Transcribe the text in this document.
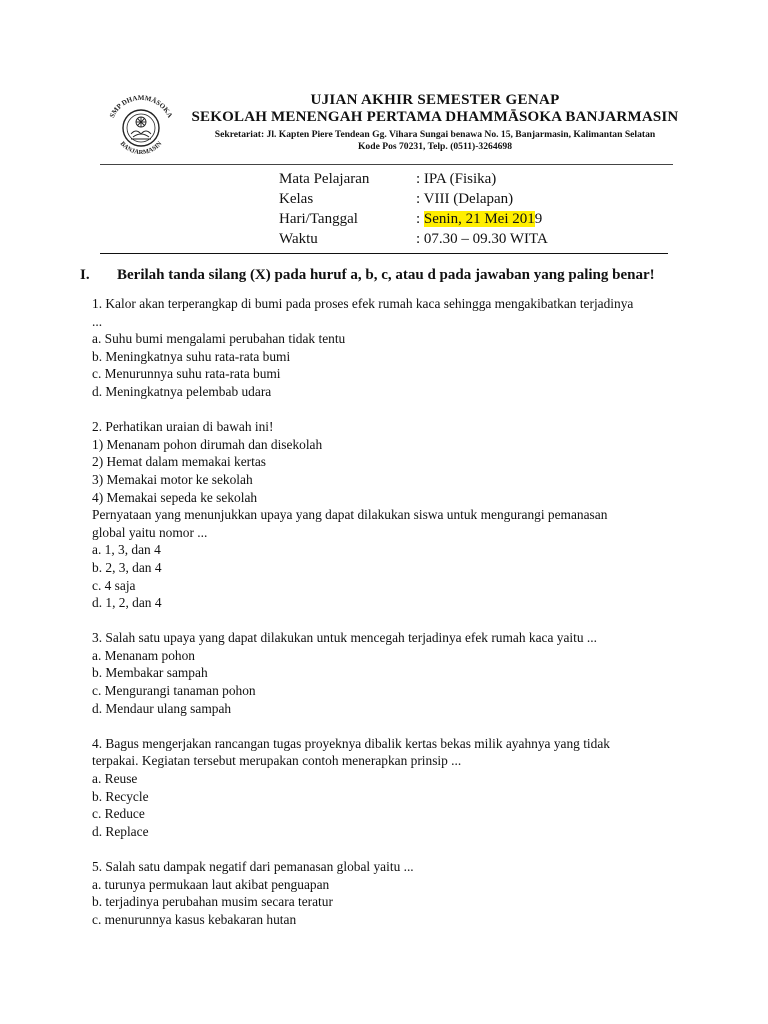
SMP DHAMMĀSOKA
BANJARMASIN
UJIAN AKHIR SEMESTER GENAP
SEKOLAH MENENGAH PERTAMA DHAMMĀSOKA BANJARMASIN
Sekretariat: Jl. Kapten Piere Tendean Gg. Vihara Sungai benawa No. 15, Banjarmasin, Kalimantan Selatan
Kode Pos 70231, Telp. (0511)-3264698
Mata Pelajaran	: IPA (Fisika)
Kelas	: VIII (Delapan)
Hari/Tanggal	: Senin, 21 Mei 2019
Waktu	: 07.30 – 09.30 WITA
I. Berilah tanda silang (X) pada huruf a, b, c, atau d pada jawaban yang paling benar!
1. Kalor akan terperangkap di bumi pada proses efek rumah kaca sehingga mengakibatkan terjadinya
...
a. Suhu bumi mengalami perubahan tidak tentu
b. Meningkatnya suhu rata-rata bumi
c. Menurunnya suhu rata-rata bumi
d. Meningkatnya pelembab udara
2. Perhatikan uraian di bawah ini!
1) Menanam pohon dirumah dan disekolah
2) Hemat dalam memakai kertas
3) Memakai motor ke sekolah
4) Memakai sepeda ke sekolah
Pernyataan yang menunjukkan upaya yang dapat dilakukan siswa untuk mengurangi pemanasan
global yaitu nomor ...
a. 1, 3, dan 4
b. 2, 3, dan 4
c. 4 saja
d. 1, 2, dan 4
3. Salah satu upaya yang dapat dilakukan untuk mencegah terjadinya efek rumah kaca yaitu ...
a. Menanam pohon
b. Membakar sampah
c. Mengurangi tanaman pohon
d. Mendaur ulang sampah
4. Bagus mengerjakan rancangan tugas proyeknya dibalik kertas bekas milik ayahnya yang tidak
terpakai. Kegiatan tersebut merupakan contoh menerapkan prinsip ...
a. Reuse
b. Recycle
c. Reduce
d. Replace
5. Salah satu dampak negatif dari pemanasan global yaitu ...
a. turunya permukaan laut akibat penguapan
b. terjadinya perubahan musim secara teratur
c. menurunnya kasus kebakaran hutan
